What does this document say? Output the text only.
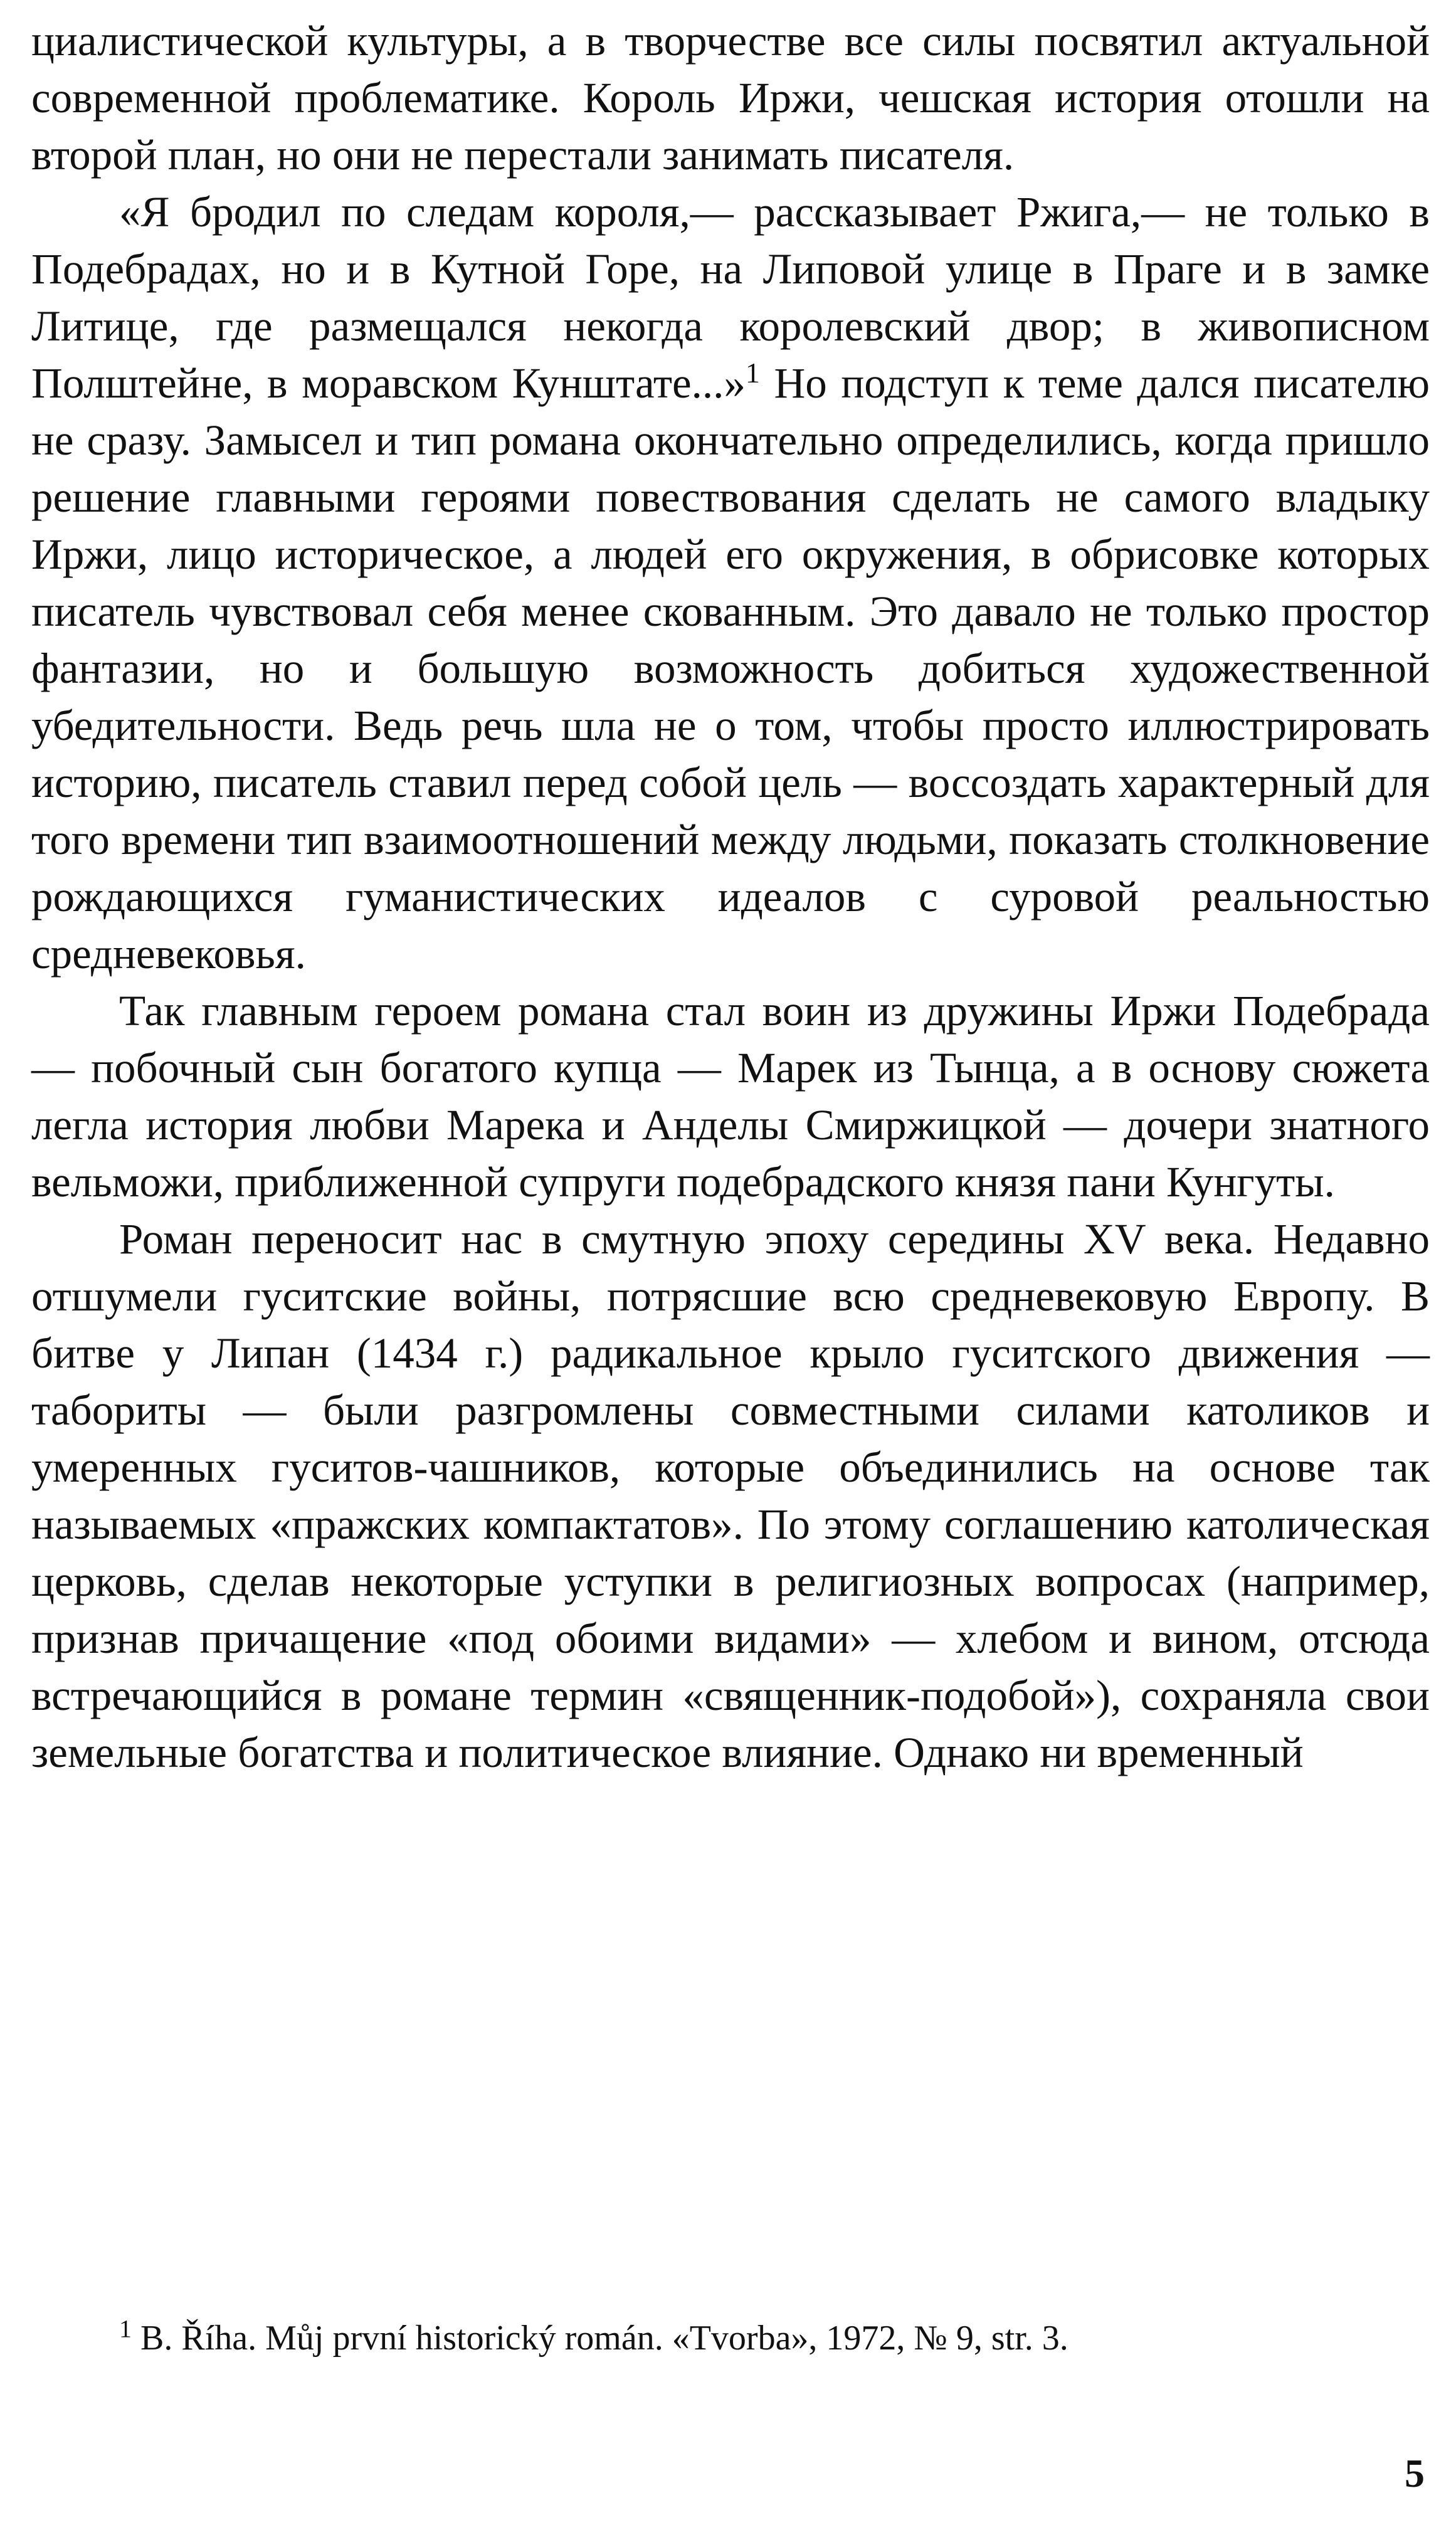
циалистической культуры, а в творчестве все силы посвятил актуальной современной проблематике. Король Иржи, чешская история отошли на второй план, но они не перестали занимать писателя.

«Я бродил по следам короля,— рассказывает Ржига,— не только в Подебрадах, но и в Кутной Горе, на Липовой улице в Праге и в замке Литице, где размещался некогда королевский двор; в живописном Полштейне, в моравском Кунштате...»$^1$ Но подступ к теме дался писателю не сразу. Замысел и тип романа окончательно определились, когда пришло решение главными героями повествования сделать не самого владыку Иржи, лицо историческое, а людей его окружения, в обрисовке которых писатель чувствовал себя менее скованным. Это давало не только простор фантазии, но и большую возможность добиться художественной убедительности. Ведь речь шла не о том, чтобы просто иллюстрировать историю, писатель ставил перед собой цель — воссоздать характерный для того времени тип взаимоотношений между людьми, показать столкновение рождающихся гуманистических идеалов с суровой реальностью средневековья.

Так главным героем романа стал воин из дружины Иржи Подебрада — побочный сын богатого купца — Марек из Тынца, а в основу сюжета легла история любви Марека и Анделы Смиржицкой — дочери знатного вельможи, приближенной супруги подебрадского князя пани Кунгуты.

Роман переносит нас в смутную эпоху середины XV века. Недавно отшумели гуситские войны, потрясшие всю средневековую Европу. В битве у Липан (1434 г.) радикальное крыло гуситского движения — табориты — были разгромлены совместными силами католиков и умеренных гуситов-чашников, которые объединились на основе так называемых «пражских компактатов». По этому соглашению католическая церковь, сделав некоторые уступки в религиозных вопросах (например, признав причащение «под обоими видами» — хлебом и вином, отсюда встречающийся в романе термин «священник-подобой»), сохраняла свои земельные богатства и политическое влияние. Однако ни временный

$^1$ B. Říha. Můj první historický román. «Tvorba», 1972, № 9, str. 3.

5
